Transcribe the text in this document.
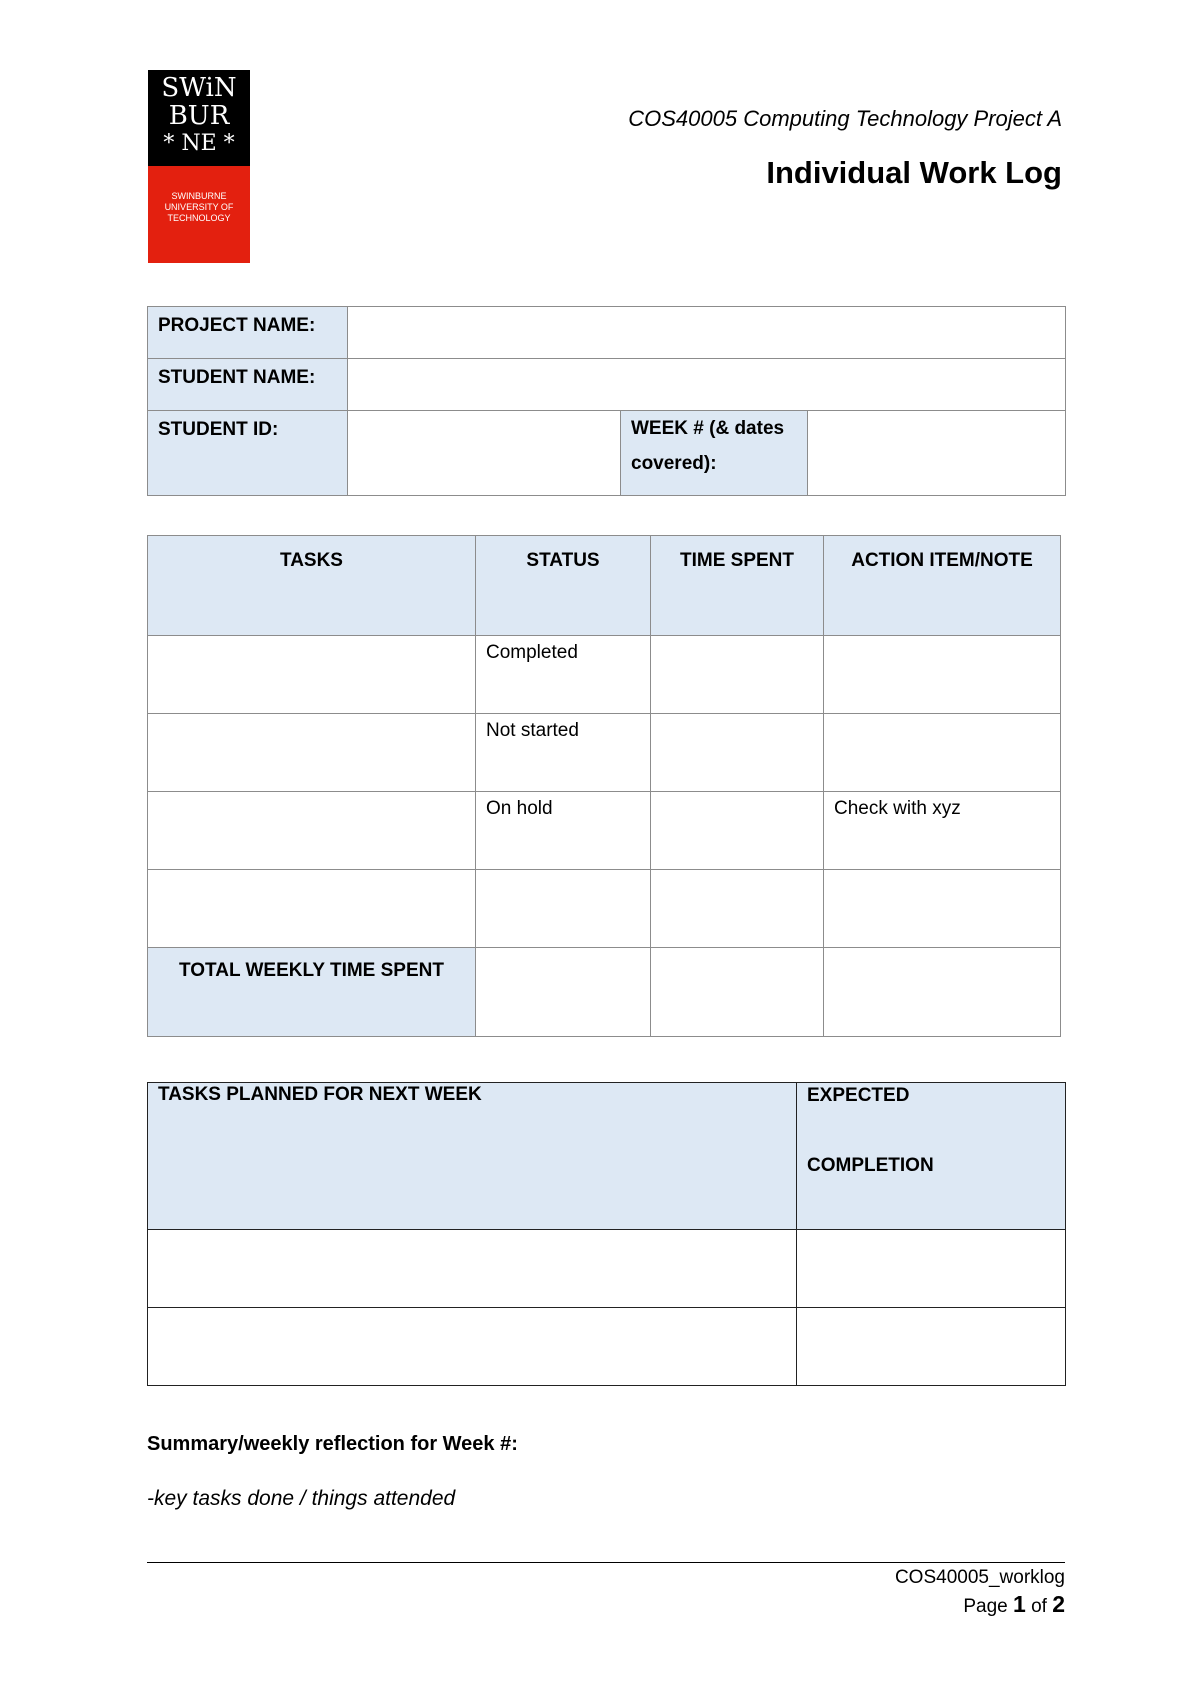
SWiN
BUR
* NE *
SWINBURNE
UNIVERSITY OF
TECHNOLOGY
COS40005 Computing Technology Project A
Individual Work Log
PROJECT NAME:			
STUDENT NAME:			
STUDENT ID:		WEEK # (& dates
covered):	

TASKS	STATUS	TIME SPENT	ACTION ITEM/NOTE
	Completed		
	Not started		
	On hold		Check with xyz

TOTAL WEEKLY TIME SPENT			
TASKS PLANNED FOR NEXT WEEK	EXPECTED
COMPLETION

Summary/weekly reflection for Week #:
-key tasks done / things attended
COS40005_worklog
Page 1 of 2
